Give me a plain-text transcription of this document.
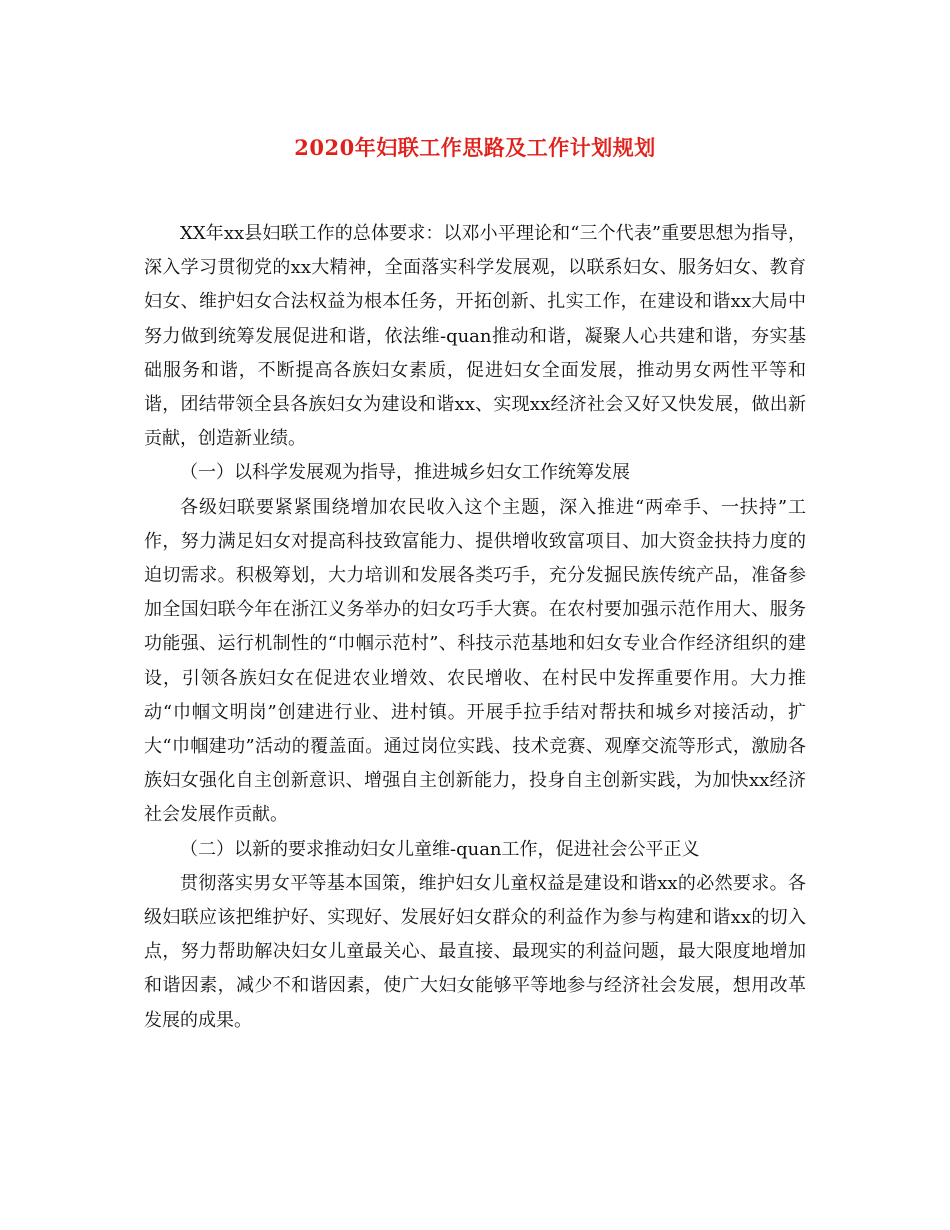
2020年妇联工作思路及工作计划规划

XX年xx县妇联工作的总体要求：以邓小平理论和“三个代表”重要思想为指导，深入学习贯彻党的xx大精神，全面落实科学发展观，以联系妇女、服务妇女、教育妇女、维护妇女合法权益为根本任务，开拓创新、扎实工作，在建设和谐xx大局中努力做到统筹发展促进和谐，依法维-quan推动和谐，凝聚人心共建和谐，夯实基础服务和谐，不断提高各族妇女素质，促进妇女全面发展，推动男女两性平等和谐，团结带领全县各族妇女为建设和谐xx、实现xx经济社会又好又快发展，做出新贡献，创造新业绩。

（一）以科学发展观为指导，推进城乡妇女工作统筹发展

各级妇联要紧紧围绕增加农民收入这个主题，深入推进“两牵手、一扶持”工作，努力满足妇女对提高科技致富能力、提供增收致富项目、加大资金扶持力度的迫切需求。积极筹划，大力培训和发展各类巧手，充分发掘民族传统产品，准备参加全国妇联今年在浙江义务举办的妇女巧手大赛。在农村要加强示范作用大、服务功能强、运行机制性的“巾帼示范村”、科技示范基地和妇女专业合作经济组织的建设，引领各族妇女在促进农业增效、农民增收、在村民中发挥重要作用。大力推动“巾帼文明岗”创建进行业、进村镇。开展手拉手结对帮扶和城乡对接活动，扩大“巾帼建功”活动的覆盖面。通过岗位实践、技术竞赛、观摩交流等形式，激励各族妇女强化自主创新意识、增强自主创新能力，投身自主创新实践，为加快xx经济社会发展作贡献。

（二）以新的要求推动妇女儿童维-quan工作，促进社会公平正义

贯彻落实男女平等基本国策，维护妇女儿童权益是建设和谐xx的必然要求。各级妇联应该把维护好、实现好、发展好妇女群众的利益作为参与构建和谐xx的切入点，努力帮助解决妇女儿童最关心、最直接、最现实的利益问题，最大限度地增加和谐因素，减少不和谐因素，使广大妇女能够平等地参与经济社会发展，想用改革发展的成果。
